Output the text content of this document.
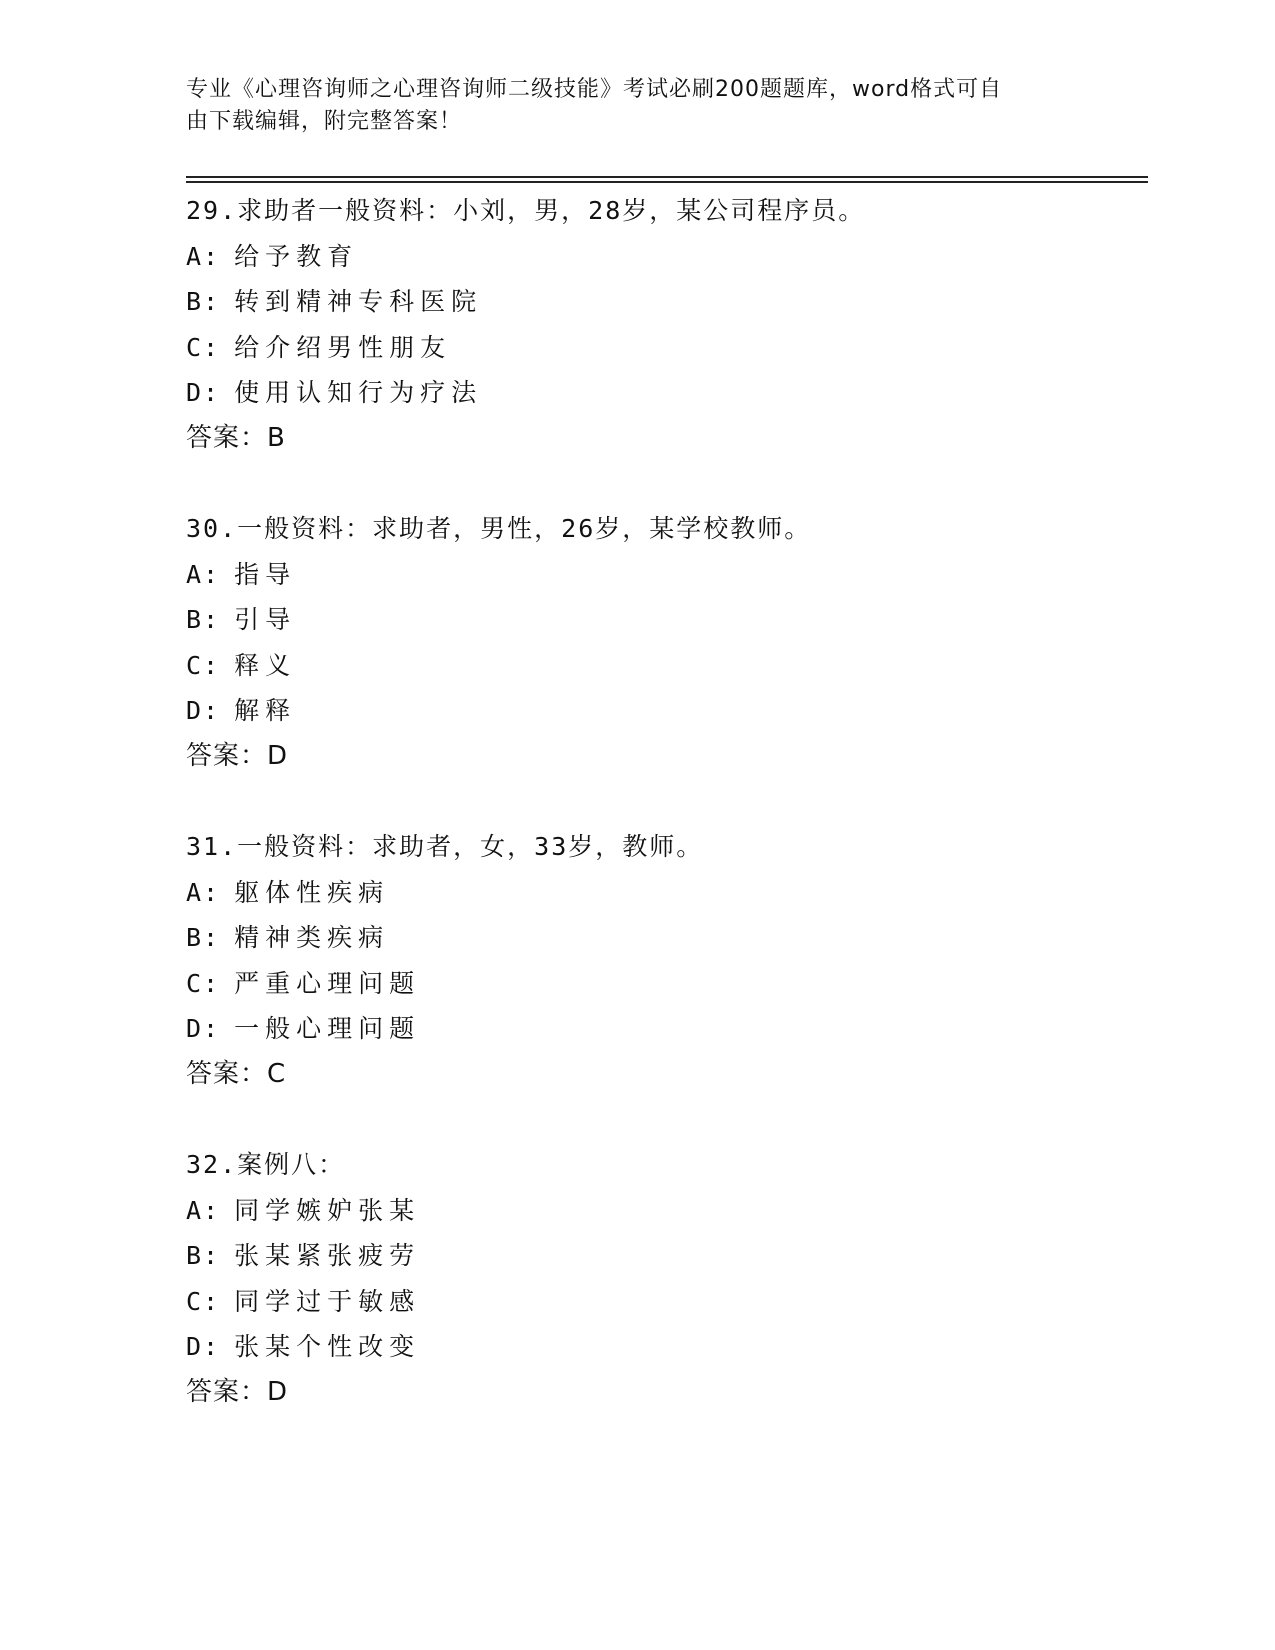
专业《心理咨询师之心理咨询师二级技能》考试必刷200题题库，word格式可自
由下载编辑，附完整答案！
29.求助者一般资料：小刘，男，28岁，某公司程序员。
A: 给予教育
B: 转到精神专科医院
C: 给介绍男性朋友
D: 使用认知行为疗法
答案：B
30.一般资料：求助者，男性，26岁，某学校教师。
A: 指导
B: 引导
C: 释义
D: 解释
答案：D
31.一般资料：求助者，女，33岁，教师。
A: 躯体性疾病
B: 精神类疾病
C: 严重心理问题
D: 一般心理问题
答案：C
32.案例八：
A: 同学嫉妒张某
B: 张某紧张疲劳
C: 同学过于敏感
D: 张某个性改变
答案：D
